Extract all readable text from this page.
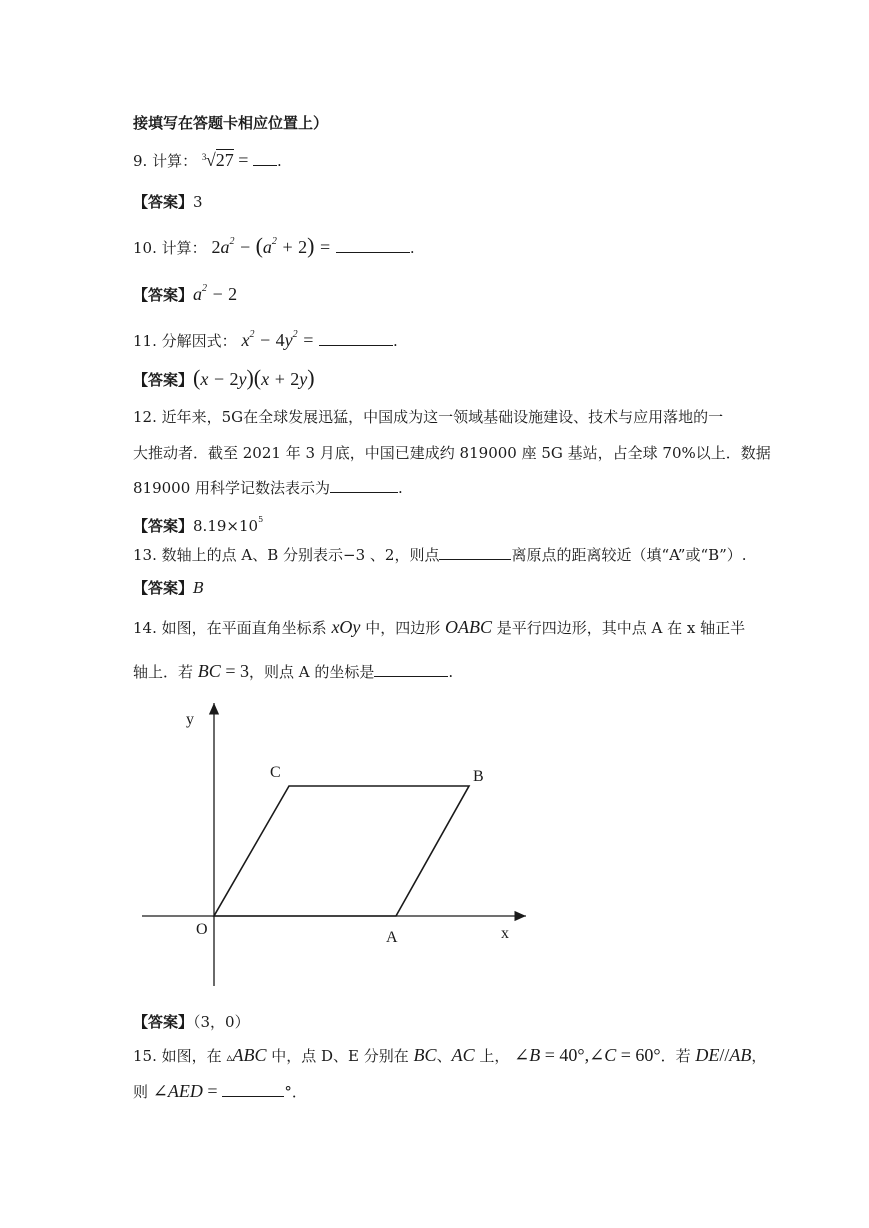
接填写在答题卡相应位置上）
9. 计算： 3 √27 = .
【答案】3
10. 计算： $2a^2 - (a^2 + 2)$ =	.
【答案】$a^2 - 2$
11. 分解因式： $x^2 - 4y^2$ =	.
【答案】(x − 2y)(x + 2y)
12. 近年来，5G在全球发展迅猛，中国成为这一领域基础设施建设、技术与应用落地的一
大推动者．截至 2021 年 3 月底，中国已建成约 819000 座 5G 基站，占全球 70%以上．数据
819000 用科学记数法表示为	.
【答案】$8.19\times 10^5$
13. 数轴上的点 A、B 分别表示−3 、2，则点	离原点的距离较近（填“A”或“B”）.
【答案】B
14. 如图，在平面直角坐标系 xOy 中，四边形 OABC 是平行四边形，其中点 A 在 x 轴正半
轴上．若 BC = 3，则点 A 的坐标是	.
y
x
O	A
B
C
【答案】（3，0）
15. 如图，在 ▵ABC 中，点 D、E 分别在 BC、AC 上， ∠B = 40°,∠C = 60°．若 DE//AB，
则 ∠AED =	°．
